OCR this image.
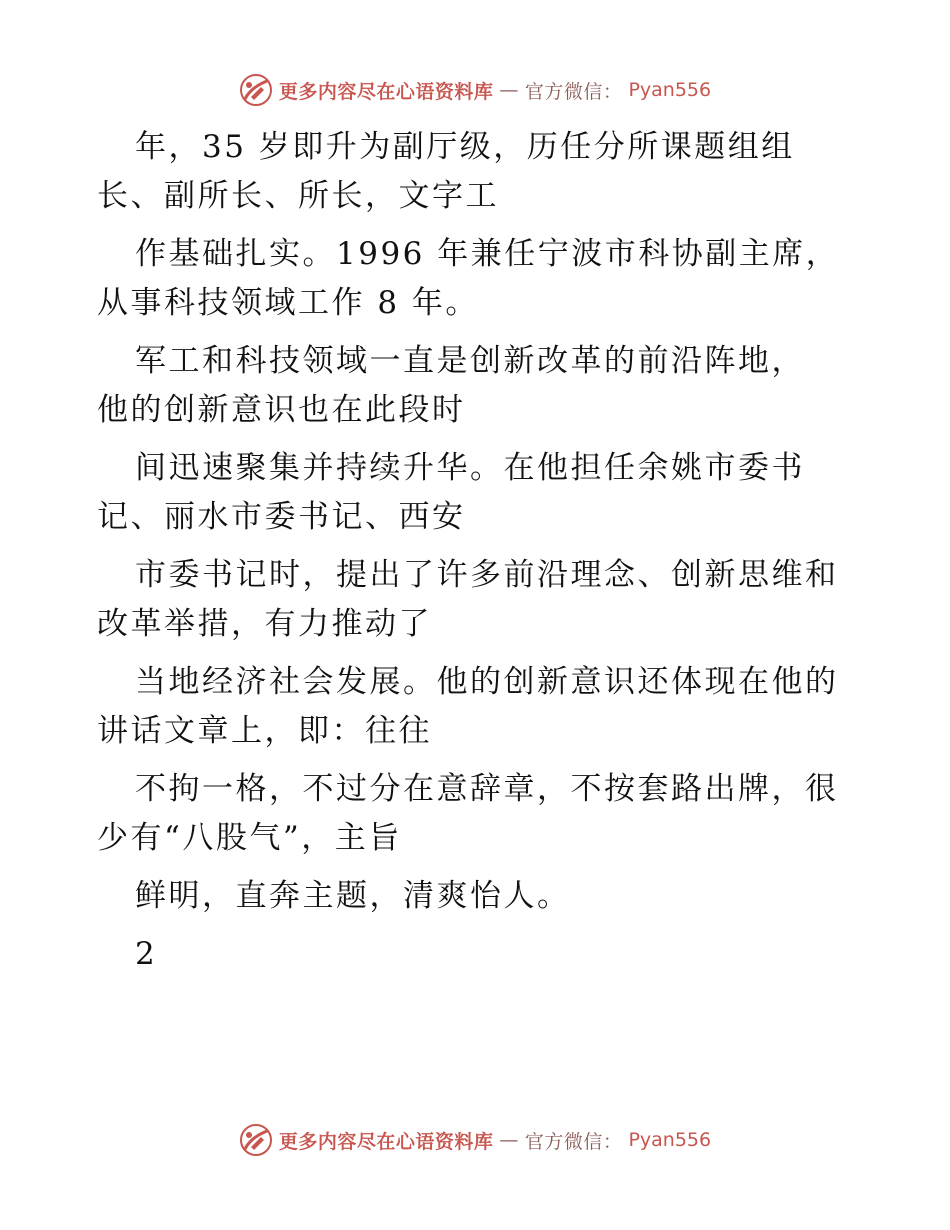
更多内容尽在心语资料库 — 官方微信： Pyan556
年，35 岁即升为副厅级，历任分所课题组组
长、副所长、所长，文字工
作基础扎实。1996 年兼任宁波市科协副主席，
从事科技领域工作 8 年。
军工和科技领域一直是创新改革的前沿阵地，
他的创新意识也在此段时
间迅速聚集并持续升华。在他担任余姚市委书
记、丽水市委书记、西安
市委书记时，提出了许多前沿理念、创新思维和
改革举措，有力推动了
当地经济社会发展。他的创新意识还体现在他的
讲话文章上，即：往往
不拘一格，不过分在意辞章，不按套路出牌，很
少有“八股气”，主旨
鲜明，直奔主题，清爽怡人。
2
更多内容尽在心语资料库 — 官方微信： Pyan556
